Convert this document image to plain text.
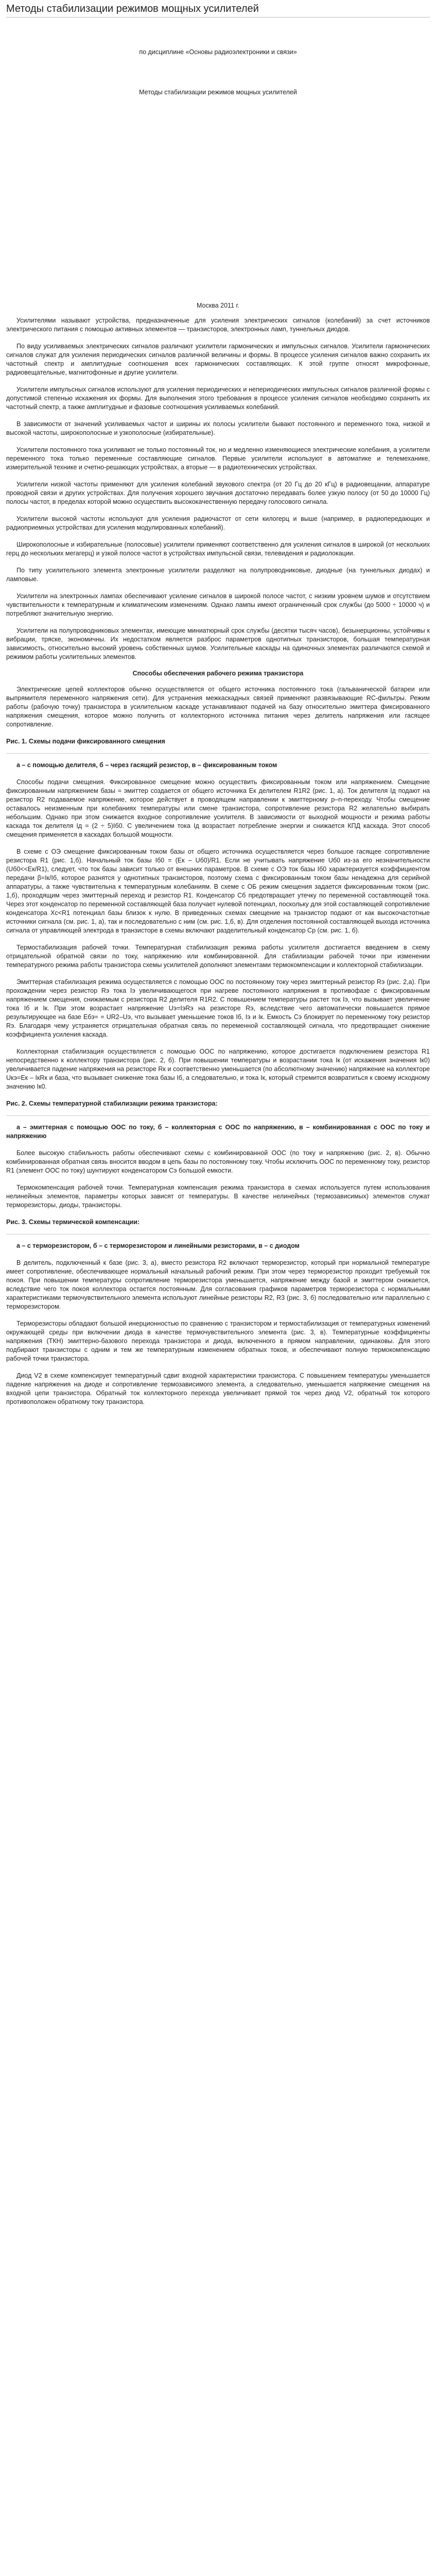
Методы стабилизации режимов мощных усилителей
по дисциплине «Основы радиоэлектроники и связи»
Методы стабилизации режимов мощных усилителей
Москва 2011 г.

Усилителями называют устройства, предназначенные для усиления электрических сигналов (колебаний) за счет источников электрического питания с помощью активных элементов — транзисторов, электронных ламп, туннельных диодов.

По виду усиливаемых электрических сигналов различают усилители гармонических и импульсных сигналов. Усилители гармонических сигналов служат для усиления периодических сигналов различной величины и формы. В процессе усиления сигналов важно сохранить их частотный спектр и амплитудные соотношения всех гармонических составляющих. К этой группе относят микрофонные, радиовещательные, магнитофонные и другие усилители.

Усилители импульсных сигналов используют для усиления периодических и непериодических импульсных сигналов различной формы с допустимой степенью искажения их формы. Для выполнения этого требования в процессе усиления сигналов необходимо сохранить их частотный спектр, а также амплитудные и фазовые соотношения усиливаемых колебаний.

В зависимости от значений усиливаемых частот и ширины их полосы усилители бывают постоянного и переменного тока, низкой и высокой частоты, широкополосные и узкополосные (избирательные).

Усилители постоянного тока усиливают не только постоянный ток, но и медленно изменяющиеся электрические колебания, а усилители переменного тока только переменные составляющие сигналов. Первые усилители используют в автоматике и телемеханике, измерительной технике и счетно-решающих устройствах, а вторые — в радиотехнических устройствах.

Усилители низкой частоты применяют для усиления колебаний звукового спектра (от 20 Гц до 20 кГц) в радиовещании, аппаратуре проводной связи и других устройствах. Для получения хорошего звучания достаточно передавать более узкую полосу (от 50 до 10000 Гц) полосы частот, в пределах которой можно осуществить высококачественную передачу голосового сигнала.

Усилители высокой частоты используют для усиления радиочастот от сети килогерц и выше (например, в радиопередающих и радиоприемных устройствах для усиления модулированных колебаний).

Широкополосные и избирательные (полосовые) усилители применяют соответственно для усиления сигналов в широкой (от нескольких герц до нескольких мегагерц) и узкой полосе частот в устройствах импульсной связи, телевидения и радиолокации.

По типу усилительного элемента электронные усилители разделяют на полупроводниковые, диодные (на туннельных диодах) и ламповые.

Усилители на электронных лампах обеспечивают усиление сигналов в широкой полосе частот, с низким уровнем шумов и отсутствием чувствительности к температурным и климатическим изменениям. Однако лампы имеют ограниченный срок службы (до 5000 ÷ 10000 ч) и потребляют значительную энергию.

Усилители на полупроводниковых элементах, имеющие миниатюрный срок службы (десятки тысяч часов), безынерционны, устойчивы к вибрации, тряске, экономичны. Их недостатком является разброс параметров однотипных транзисторов, большая температурная зависимость, относительно высокий уровень собственных шумов. Усилительные каскады на одиночных элементах различаются схемой и режимом работы усилительных элементов.

Способы обеспечения рабочего режима транзистора

Электрические цепей коллекторов обычно осуществляется от общего источника постоянного тока (гальванической батареи или выпрямителя переменного напряжения сети). Для устранения межкаскадных связей применяют развязывающие RC-фильтры. Режим работы (рабочую точку) транзистора в усилительном каскаде устанавливают подачей на базу относительно эмиттера фиксированного напряжения смещения, которое можно получить от коллекторного источника питания через делитель напряжения или гасящее сопротивление.

Рис. 1. Схемы подачи фиксированного смещения

а – с помощью делителя, б – через гасящий резистор, в – фиксированным током

Способы подачи смещения. Фиксированное смещение можно осуществить фиксированным током или напряжением. Смещение фиксированным напряжением базы ≈ эмиттер создается от общего источника Eк делителем R1R2 (рис. 1, а). Ток делителя Iд подают на резистор R2 подаваемое напряжение, которое действует в проводящем направлении к эмиттерному p–n-переходу. Чтобы смещение оставалось неизменным при колебаниях температуры или смене транзистора, сопротивление резистора R2 желательно выбирать небольшим. Однако при этом снижается входное сопротивление усилителя. В зависимости от выходной мощности и режима работы каскада ток делителя Iд = (2 ÷ 5)Iб0. С увеличением тока Iд возрастает потребление энергии и снижается КПД каскада. Этот способ смещения применяется в каскадах большой мощности.

В схеме с ОЭ смещение фиксированным током базы от общего источника осуществляется через большое гасящее сопротивление резистора R1 (рис. 1,б). Начальный ток базы Iб0 = (Eк – Uб0)/R1. Если не учитывать напряжение Uб0 из-за его незначительности (Uб0<<Eк/R1), следует, что ток базы зависит только от внешних параметров. В схеме с ОЭ ток базы Iб0 характеризуется коэффициентом передачи β=Iк/Iб, которое разнятся у однотипных транзисторов, поэтому схема с фиксированным током базы ненадежна для серийной аппаратуры, а также чувствительна к температурным колебаниям. В схеме с ОБ режим смещения задается фиксированным током (рис. 1,б), проходящим через эмиттерный переход и резистор R1. Конденсатор Сб предотвращает утечку по переменной составляющей тока. Через этот конденсатор по переменной составляющей база получает нулевой потенциал, поскольку для этой составляющей сопротивление конденсатора Xc<R1 потенциал базы близок к нулю. В приведенных схемах смещение на транзистор подают от как высокочастотные источники сигнала (см. рис. 1, а), так и последовательно с ним (см. рис. 1,б, в). Для отделения постоянной составляющей выхода источника сигнала от управляющей электрода в транзисторе в схемы включают разделительный конденсатор Ср (см. рис. 1, б).

Термостабилизация рабочей точки. Температурная стабилизация режима работы усилителя достигается введением в схему отрицательной обратной связи по току, напряжению или комбинированной. Для стабилизации рабочей точки при изменении температурного режима работы транзистора схемы усилителей дополняют элементами термокомпенсации и коллекторной стабилизации.

Эмиттерная стабилизация режима осуществляется с помощью ООС по постоянному току через эмиттерный резистор Rэ (рис. 2,а). При прохождении через резистор Rэ тока Iэ увеличивающегося при нагреве постоянного напряжения в противофазе с фиксированным напряжением смещения, снижаемым с резистора R2 делителя R1R2. С повышением температуры растет ток Iэ, что вызывает увеличение тока Iб и Iк. При этом возрастает напряжение Uэ=IэRэ на резисторе Rэ, вследствие чего автоматически повышается прямое результирующее на базе Eбэ= = UR2–Uэ, что вызывает уменьшение токов Iб, Iэ и Iк. Емкость Сэ блокирует по переменному току резистор Rэ. Благодаря чему устраняется отрицательная обратная связь по переменной составляющей сигнала, что предотвращает снижение коэффициента усиления каскада.

Коллекторная стабилизация осуществляется с помощью ООС по напряжению, которое достигается подключением резистора R1 непосредственно к коллектору транзистора (рис. 2, б). При повышении температуры и возрастании тока Iк (от искажения значения Iк0) увеличивается падение напряжения на резисторе Rк и соответственно уменьшается (по абсолютному значению) напряжение на коллекторе Uкэ=Eк – IкRк и база, что вызывает снижение тока базы Iб, а следовательно, и тока Iк, который стремится возвратиться к своему исходному значению Iк0.

Рис. 2. Схемы температурной стабилизации режима транзистора:

а – эмиттерная с помощью ООС по току, б – коллекторная с ООС по напряжению, в – комбинированная с ООС по току и напряжению

Более высокую стабильность работы обеспечивают схемы с комбинированной ООС (по току и напряжению (рис. 2, в). Обычно комбинированная обратная связь вносится вводом в цепь базы по постоянному току. Чтобы исключить ООС по переменному току, резистор R1 (элемент ООС по току) шунтируют конденсатором Сэ большой емкости.

Термокомпенсация рабочей точки. Температурная компенсация режима транзистора в схемах используется путем использования нелинейных элементов, параметры которых зависят от температуры. В качестве нелинейных (термозависимых) элементов служат терморезисторы, диоды, транзисторы.

Рис. 3. Схемы термической компенсации:

а – с терморезистором, б – с терморезистором и линейными резисторами, в – с диодом

В делитель, подключенный к базе (рис. 3, а), вместо резистора R2 включают терморезистор, который при нормальной температуре имеет сопротивление, обеспечивающее нормальный начальный рабочий режим. При этом через терморезистор проходит требуемый ток покоя. При повышении температуры сопротивление терморезистора уменьшается, напряжение между базой и эмиттером снижается, вследствие чего ток покоя коллектора остается постоянным. Для согласования графиков параметров терморезистора с нормальными характеристиками термочувствительного элемента используют линейные резисторы R2, R3 (рис. 3, б) последовательно или параллельно с терморезистором.

Терморезисторы обладают большой инерционностью по сравнению с транзистором и термостабилизация от температурных изменений окружающей среды при включении диода в качестве термочувствительного элемента (рис. 3, в). Температурные коэффициенты напряжения (ТКН) эмиттерно-базового перехода транзистора и диода, включенного в прямом направлении, одинаковы. Для этого подбирают транзисторы с одним и тем же температурным изменением обратных токов, и обеспечивают полную термокомпенсацию рабочей точки транзистора.

Диод V2 в схеме компенсирует температурный сдвиг входной характеристики транзистора. С повышением температуры уменьшается падение напряжения на диоде и сопротивление термозависимого элемента, а следовательно, уменьшается напряжение смещения на входной цепи транзистора. Обратный ток коллекторного перехода увеличивает прямой ток через диод V2, обратный ток которого противоположен обратному току транзистора.
